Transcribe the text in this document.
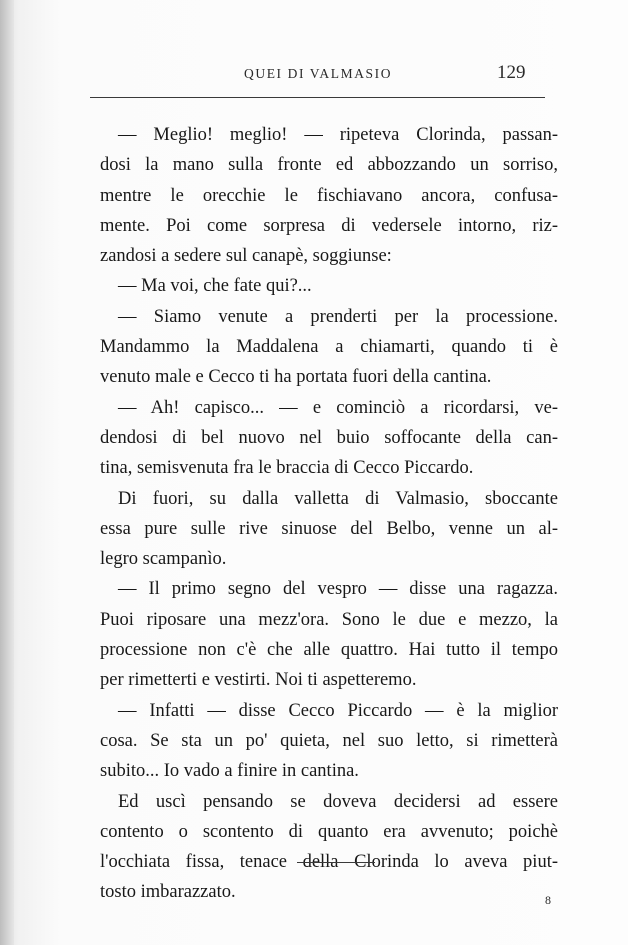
QUEI DI VALMASIO	129
— Meglio! meglio! — ripeteva Clorinda, passan-
dosi la mano sulla fronte ed abbozzando un sorriso,
mentre le orecchie le fischiavano ancora, confusa-
mente. Poi come sorpresa di vedersele intorno, riz-
zandosi a sedere sul canapè, soggiunse:
— Ma voi, che fate qui?...
— Siamo venute a prenderti per la processione.
Mandammo la Maddalena a chiamarti, quando ti è
venuto male e Cecco ti ha portata fuori della cantina.
— Ah! capisco... — e cominciò a ricordarsi, ve-
dendosi di bel nuovo nel buio soffocante della can-
tina, semisvenuta fra le braccia di Cecco Piccardo.
Di fuori, su dalla valletta di Valmasio, sboccante
essa pure sulle rive sinuose del Belbo, venne un al-
legro scampanìo.
— Il primo segno del vespro — disse una ragazza.
Puoi riposare una mezz'ora. Sono le due e mezzo, la
processione non c'è che alle quattro. Hai tutto il tempo
per rimetterti e vestirti. Noi ti aspetteremo.
— Infatti — disse Cecco Piccardo — è la miglior
cosa. Se sta un po' quieta, nel suo letto, si rimetterà
subito... Io vado a finire in cantina.
Ed uscì pensando se doveva decidersi ad essere
contento o scontento di quanto era avvenuto; poichè
l'occhiata fissa, tenace della Clorinda lo aveva piut-
tosto imbarazzato.	8
